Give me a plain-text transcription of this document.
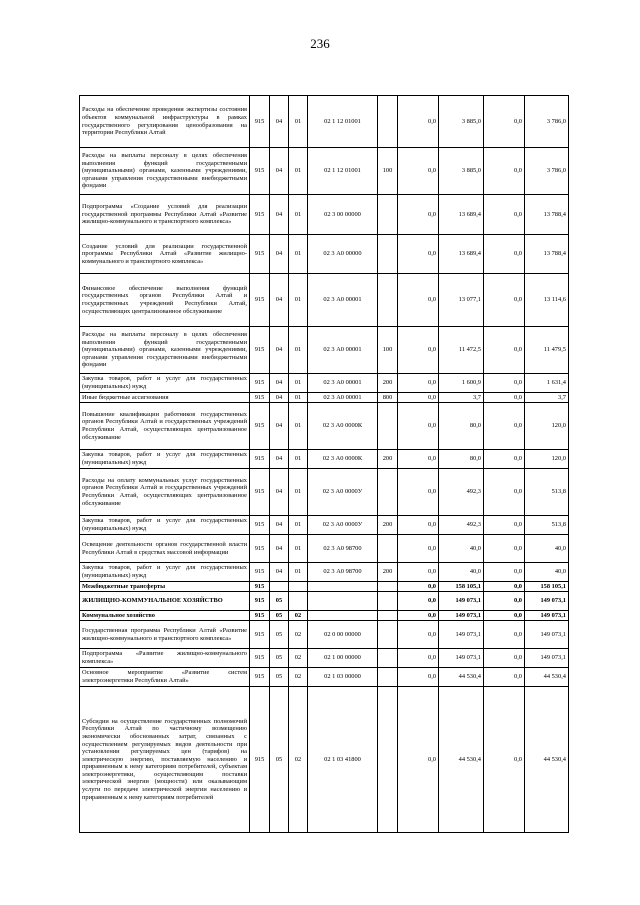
236
Расходы на обеспечение проведения экспертизы состояния объектов коммунальной инфраструктуры в рамках государственного регулирования ценообразования на территории Республики Алтай	915	04	01	02 1 12 01001		0,0	3 885,0	0,0	3 786,0
Расходы на выплаты персоналу в целях обеспечения выполнения функций государственными (муниципальными) органами, казенными учреждениями, органами управления государственными внебюджетными фондами	915	04	01	02 1 12 01001	100	0,0	3 885,0	0,0	3 786,0
Подпрограмма «Создание условий для реализации государственной программы Республики Алтай «Развитие жилищно-коммунального и транспортного комплекса»	915	04	01	02 3 00 00000		0,0	13 689,4	0,0	13 788,4
Создание условий для реализации государственной программы Республики Алтай «Развитие жилищно-коммунального и транспортного комплекса»	915	04	01	02 3 А0 00000		0,0	13 689,4	0,0	13 788,4
Финансовое обеспечение выполнения функций государственных органов Республики Алтай и государственных учреждений Республики Алтай, осуществляющих централизованное обслуживание	915	04	01	02 3 А0 00001		0,0	13 077,1	0,0	13 114,6
Расходы на выплаты персоналу в целях обеспечения выполнения функций государственными (муниципальными) органами, казенными учреждениями, органами управления государственными внебюджетными фондами	915	04	01	02 3 А0 00001	100	0,0	11 472,5	0,0	11 479,5
Закупка товаров, работ и услуг для государственных (муниципальных) нужд	915	04	01	02 3 А0 00001	200	0,0	1 600,9	0,0	1 631,4
Иные бюджетные ассигнования	915	04	01	02 3 А0 00001	800	0,0	3,7	0,0	3,7
Повышение квалификации работников государственных органов Республики Алтай и государственных учреждений Республики Алтай, осуществляющих централизованное обслуживание	915	04	01	02 3 А0 0000К		0,0	80,0	0,0	120,0
Закупка товаров, работ и услуг для государственных (муниципальных) нужд	915	04	01	02 3 А0 0000К	200	0,0	80,0	0,0	120,0
Расходы на оплату коммунальных услуг государственных органов Республики Алтай и государственных учреждений Республики Алтай, осуществляющих централизованное обслуживание	915	04	01	02 3 А0 0000У		0,0	492,3	0,0	513,8
Закупка товаров, работ и услуг для государственных (муниципальных) нужд	915	04	01	02 3 А0 0000У	200	0,0	492,3	0,0	513,8
Освещение деятельности органов государственной власти Республики Алтай в средствах массовой информации	915	04	01	02 3 А0 98700		0,0	40,0	0,0	40,0
Закупка товаров, работ и услуг для государственных (муниципальных) нужд	915	04	01	02 3 А0 98700	200	0,0	40,0	0,0	40,0
Межбюджетные трансферты	915					0,0	158 105,1	0,0	158 105,1
ЖИЛИЩНО-КОММУНАЛЬНОЕ ХОЗЯЙСТВО	915	05				0,0	149 073,1	0,0	149 073,1
Коммунальное хозяйство	915	05	02			0,0	149 073,1	0,0	149 073,1
Государственная программа Республики Алтай «Развитие жилищно-коммунального и транспортного комплекса»	915	05	02	02 0 00 00000		0,0	149 073,1	0,0	149 073,1
Подпрограмма «Развитие жилищно-коммунального комплекса»	915	05	02	02 1 00 00000		0,0	149 073,1	0,0	149 073,1
Основное мероприятие «Развитие систем электроэнергетики Республики Алтай»	915	05	02	02 1 03 00000		0,0	44 530,4	0,0	44 530,4
Субсидии на осуществление государственных полномочий Республики Алтай по частичному возмещению экономически обоснованных затрат, связанных с осуществлением регулируемых видов деятельности при установлении регулируемых цен (тарифов) на электрическую энергию, поставляемую населению и приравненным к нему категориям потребителей, субъектам электроэнергетики, осуществляющим поставки электрической энергии (мощности) или оказывающим услуги по передаче электрической энергии населению и приравненным к нему категориям потребителей	915	05	02	02 1 03 41800		0,0	44 530,4	0,0	44 530,4
